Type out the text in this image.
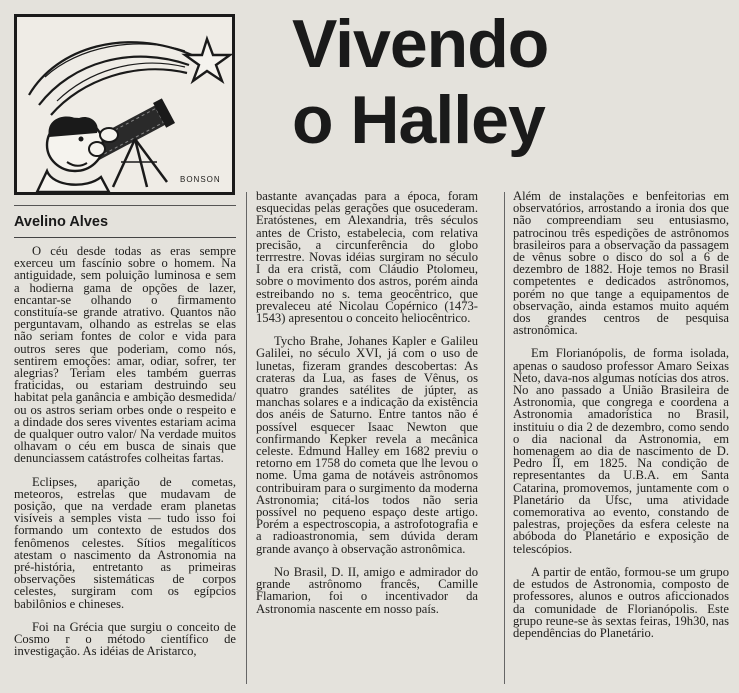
BONSON
Vivendo
o Halley
Avelino Alves

O céu desde todas as eras sempre exerceu um fascínio sobre o homem. Na antiguidade, sem poluição luminosa e sem a hodierna gama de opções de lazer, encantar-se olhando o firmamento constituía-se grande atrativo. Quantos não perguntavam, olhando as estrelas se elas não seriam fontes de color e vida para outros seres que poderiam, como nós, sentirem emoções: amar, odiar, sofrer, ter alegrias? Teriam eles também guerras fraticidas, ou estariam destruindo seu habitat pela ganância e ambição desmedida/ ou os astros seriam orbes onde o respeito e a dindade dos seres viventes estariam acima de qualquer outro valor/ Na verdade muitos olhavam o céu em busca de sinais que denunciassem catástrofes colheitas fartas.

Eclipses, aparição de cometas, meteoros, estrelas que mudavam de posição, que na verdade eram planetas visíveis a semples vista — tudo isso foi formando um contexto de estudos dos fenômenos celestes. Sítios megalíticos atestam o nascimento da Astronomia na pré-história, entretanto as primeiras observações sistemáticas de corpos celestes, surgiram com os egípcios babilônios e chineses.

Foi na Grécia que surgiu o conceito de Cosmo r o método científico de investigação. As idéias de Aristarco,

bastante avançadas para a época, foram esquecidas pelas gerações que osucederam. Eratóstenes, em Alexandria, três séculos antes de Cristo, estabelecia, com relativa precisão, a circunferência do globo terrrestre. Novas idéias surgiram no século I da era cristã, com Cláudio Ptolomeu, sobre o movimento dos astros, porém ainda estreibando no s. tema geocêntrico, que prevaleceu até Nicolau Copérnico (1473-1543) apresentou o conceito heliocêntrico.

Tycho Brahe, Johanes Kapler e Galileu Galilei, no século XVI, já com o uso de lunetas, fizeram grandes descobertas: As crateras da Lua, as fases de Vênus, os quatro grandes satélites de júpter, as manchas solares e a indicação da existência dos anéis de Saturno. Entre tantos não é possível esquecer Isaac Newton que confirmando Kepker revela a mecânica celeste. Edmund Halley em 1682 previu o retorno em 1758 do cometa que lhe levou o nome. Uma gama de notáveis astrônomos contribuiram para o surgimento da moderna Astronomia; citá-los todos não seria possível no pequeno espaço deste artigo. Porém a espectroscopia, a astrofotografia e a radioastronomia, sem dúvida deram grande avanço à observação astronômica.

No Brasil, D. II, amigo e admirador do grande astrônomo francês, Camille Flamarion, foi o incentivador da Astronomia nascente em nosso país.

Além de instalações e benfeitorias em observatórios, arrostando a ironia dos que não compreendiam seu entusiasmo, patrocinou três espedições de astrônomos brasileiros para a observação da passagem de vênus sobre o disco do sol a 6 de dezembro de 1882. Hoje temos no Brasil competentes e dedicados astrônomos, porém no que tange a equipamentos de observação, ainda estamos muito aquém dos grandes centros de pesquisa astronômica.

Em Florianópolis, de forma isolada, apenas o saudoso professor Amaro Seixas Neto, dava-nos algumas notícias dos atros. No ano passado a União Brasileira de Astronomia, que congrega e coordena a Astronomia amadorística no Brasil, instituiu o dia 2 de dezembro, como sendo o dia nacional da Astronomia, em homenagem ao dia de nascimento de D. Pedro II, em 1825. Na condição de representantes da U.B.A. em Santa Catarina, promovemos, juntamente com o Planetário da Ufsc, uma atividade comemorativa ao evento, constando de palestras, projeções da esfera celeste na abóboda do Planetário e exposição de telescópios.

A partir de então, formou-se um grupo de estudos de Astronomia, composto de professores, alunos e outros aficcionados da comunidade de Florianópolis. Este grupo reune-se às sextas feiras, 19h30, nas dependências do Planetário.
